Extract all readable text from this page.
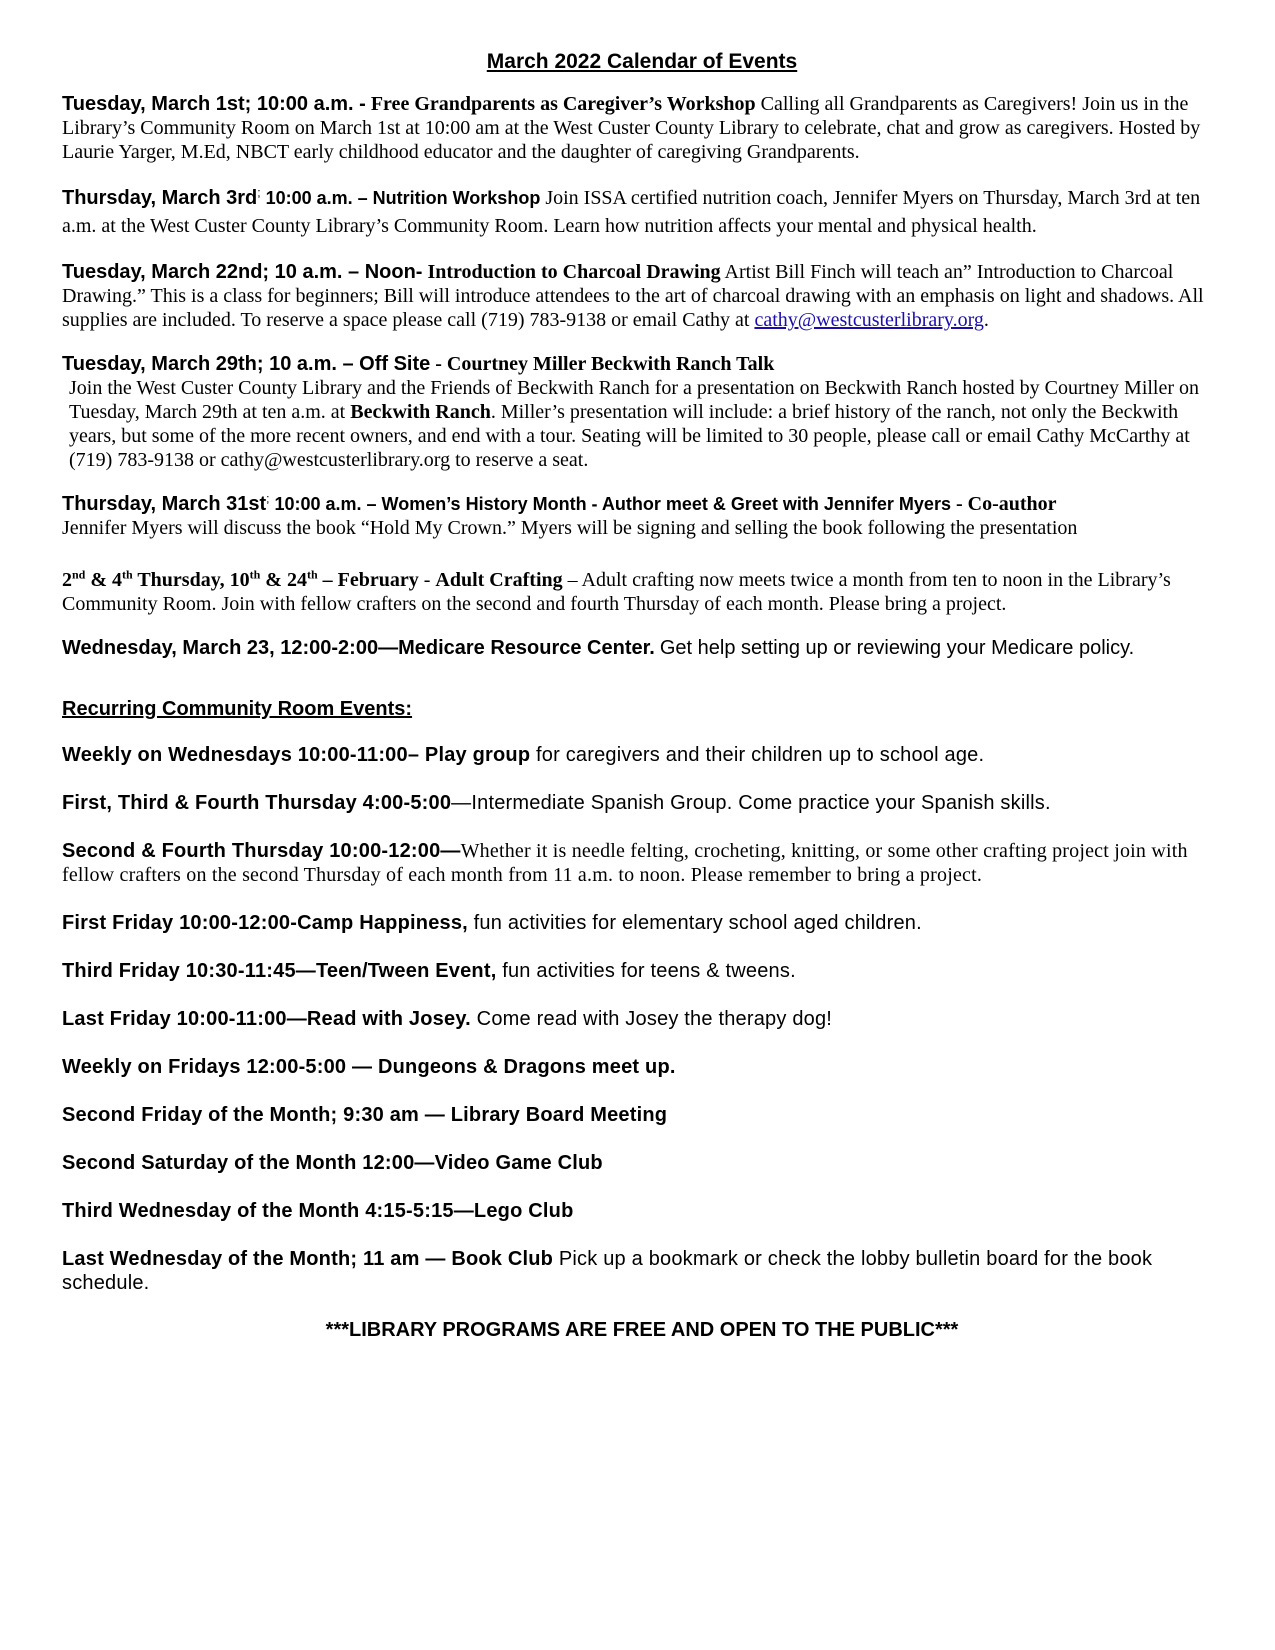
March 2022 Calendar of Events
Tuesday, March 1st; 10:00 a.m. - Free Grandparents as Caregiver’s Workshop Calling all Grandparents as Caregivers! Join us in the Library’s Community Room on March 1st at 10:00 am at the West Custer County Library to celebrate, chat and grow as caregivers. Hosted by Laurie Yarger, M.Ed, NBCT early childhood educator and the daughter of caregiving Grandparents.
Thursday, March 3rd; 10:00 a.m. – Nutrition Workshop Join ISSA certified nutrition coach, Jennifer Myers on Thursday, March 3rd at ten a.m. at the West Custer County Library’s Community Room. Learn how nutrition affects your mental and physical health.
Tuesday, March 22nd; 10 a.m. – Noon- Introduction to Charcoal Drawing Artist Bill Finch will teach an” Introduction to Charcoal Drawing.” This is a class for beginners; Bill will introduce attendees to the art of charcoal drawing with an emphasis on light and shadows. All supplies are included. To reserve a space please call (719) 783-9138 or email Cathy at cathy@westcusterlibrary.org.
Tuesday, March 29th; 10 a.m. – Off Site - Courtney Miller Beckwith Ranch Talk
Join the West Custer County Library and the Friends of Beckwith Ranch for a presentation on Beckwith Ranch hosted by Courtney Miller on Tuesday, March 29th at ten a.m. at Beckwith Ranch. Miller’s presentation will include: a brief history of the ranch, not only the Beckwith years, but some of the more recent owners, and end with a tour. Seating will be limited to 30 people, please call or email Cathy McCarthy at (719) 783-9138 or cathy@westcusterlibrary.org to reserve a seat.
Thursday, March 31st; 10:00 a.m. – Women’s History Month - Author meet & Greet with Jennifer Myers - Co-author
Jennifer Myers will discuss the book “Hold My Crown.” Myers will be signing and selling the book following the presentation
2nd & 4th Thursday, 10th & 24th – February - Adult Crafting – Adult crafting now meets twice a month from ten to noon in the Library’s Community Room. Join with fellow crafters on the second and fourth Thursday of each month. Please bring a project.
Wednesday, March 23, 12:00-2:00—Medicare Resource Center. Get help setting up or reviewing your Medicare policy.
Recurring Community Room Events:
Weekly on Wednesdays 10:00-11:00– Play group for caregivers and their children up to school age.
First, Third & Fourth Thursday 4:00-5:00—Intermediate Spanish Group. Come practice your Spanish skills.
Second & Fourth Thursday 10:00-12:00—Whether it is needle felting, crocheting, knitting, or some other crafting project join with fellow crafters on the second Thursday of each month from 11 a.m. to noon. Please remember to bring a project.
First Friday 10:00-12:00-Camp Happiness, fun activities for elementary school aged children.
Third Friday 10:30-11:45—Teen/Tween Event, fun activities for teens & tweens.
Last Friday 10:00-11:00—Read with Josey. Come read with Josey the therapy dog!
Weekly on Fridays 12:00-5:00 — Dungeons & Dragons meet up.
Second Friday of the Month; 9:30 am — Library Board Meeting
Second Saturday of the Month 12:00—Video Game Club
Third Wednesday of the Month 4:15-5:15—Lego Club
Last Wednesday of the Month; 11 am — Book Club Pick up a bookmark or check the lobby bulletin board for the book schedule.
***LIBRARY PROGRAMS ARE FREE AND OPEN TO THE PUBLIC***
